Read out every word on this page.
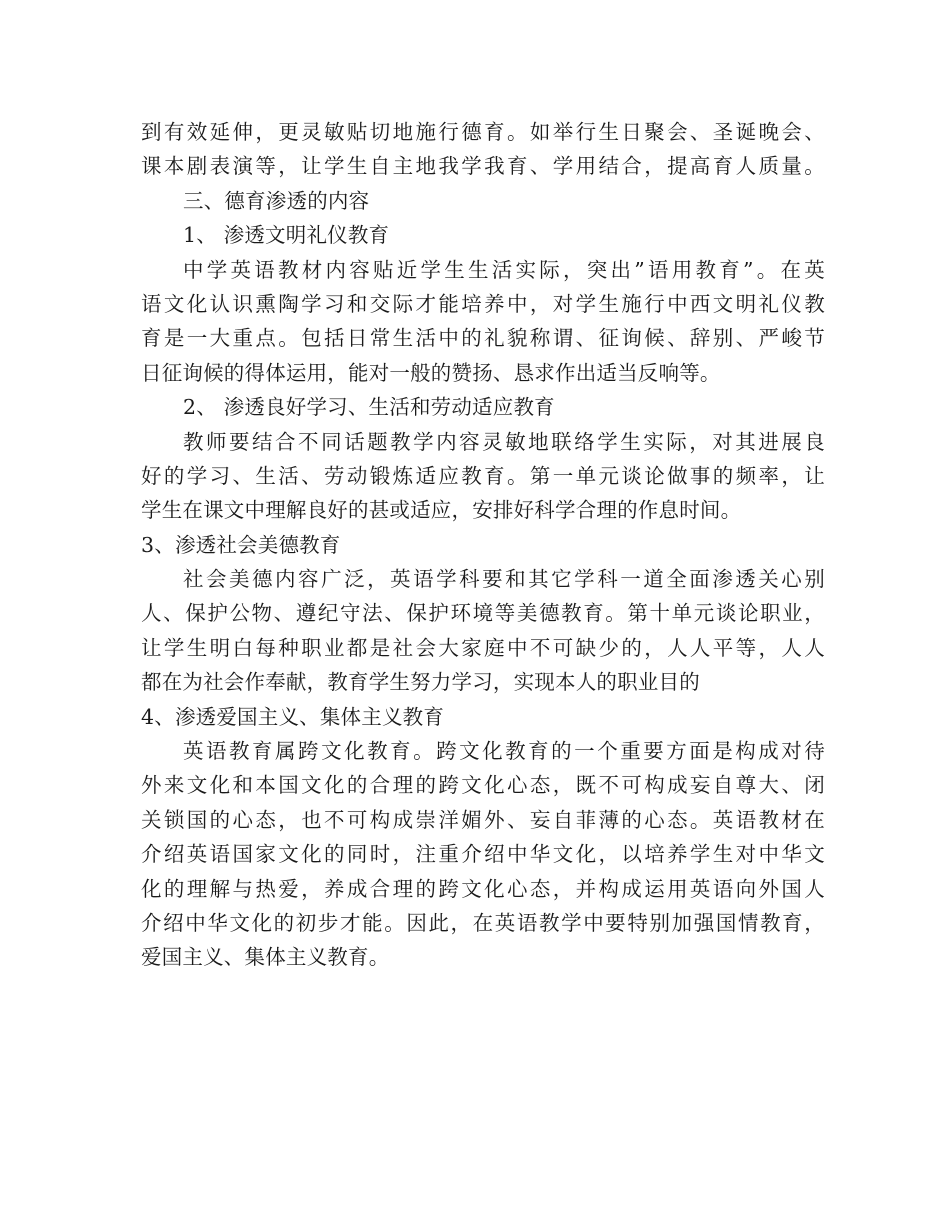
到有效延伸，更灵敏贴切地施行德育。如举行生日聚会、圣诞晚会、
课本剧表演等，让学生自主地我学我育、学用结合，提高育人质量。
三、德育渗透的内容
1、 渗透文明礼仪教育
中学英语教材内容贴近学生生活实际，突出”语用教育”。在英
语文化认识熏陶学习和交际才能培养中，对学生施行中西文明礼仪教
育是一大重点。包括日常生活中的礼貌称谓、征询候、辞别、严峻节
日征询候的得体运用，能对一般的赞扬、恳求作出适当反响等。
2、 渗透良好学习、生活和劳动适应教育
教师要结合不同话题教学内容灵敏地联络学生实际，对其进展良
好的学习、生活、劳动锻炼适应教育。第一单元谈论做事的频率，让
学生在课文中理解良好的甚或适应，安排好科学合理的作息时间。
3、渗透社会美德教育
社会美德内容广泛，英语学科要和其它学科一道全面渗透关心别
人、保护公物、遵纪守法、保护环境等美德教育。第十单元谈论职业，
让学生明白每种职业都是社会大家庭中不可缺少的，人人平等，人人
都在为社会作奉献，教育学生努力学习，实现本人的职业目的
4、渗透爱国主义、集体主义教育
英语教育属跨文化教育。跨文化教育的一个重要方面是构成对待
外来文化和本国文化的合理的跨文化心态，既不可构成妄自尊大、闭
关锁国的心态，也不可构成崇洋媚外、妄自菲薄的心态。英语教材在
介绍英语国家文化的同时，注重介绍中华文化，以培养学生对中华文
化的理解与热爱，养成合理的跨文化心态，并构成运用英语向外国人
介绍中华文化的初步才能。因此，在英语教学中要特别加强国情教育，
爱国主义、集体主义教育。
